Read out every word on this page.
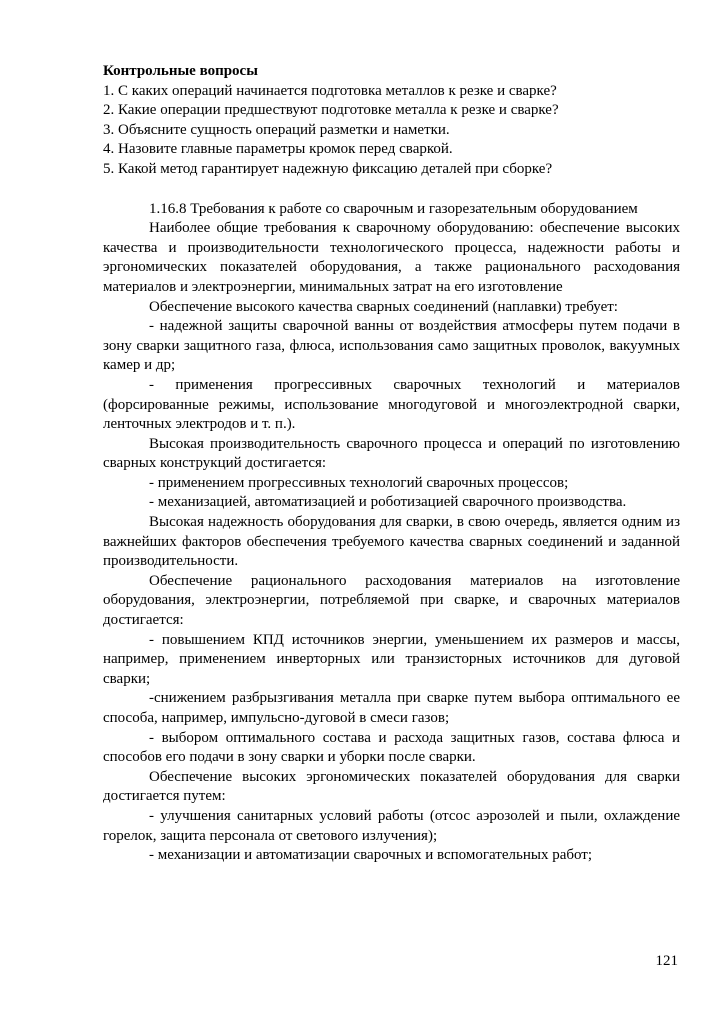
Контрольные вопросы

1. С каких операций начинается подготовка металлов к резке и сварке?

2. Какие операции предшествуют подготовке металла к резке и сварке?

3. Объясните сущность операций разметки и наметки.

4. Назовите главные параметры кромок перед сваркой.

5. Какой метод гарантирует надежную фиксацию деталей при сборке?

1.16.8 Требования к работе со сварочным и газорезательным оборудованием

Наиболее общие требования к сварочному оборудованию: обеспечение высоких качества и производительности технологического процесса, надежности работы и эргономических показателей оборудования, а также рационального расходования материалов и электроэнергии, минимальных затрат на его изготовление

Обеспечение высокого качества сварных соединений (наплавки) требует:

- надежной защиты сварочной ванны от воздействия атмосферы путем подачи в зону сварки защитного газа, флюса, использования само защитных проволок, вакуумных камер и др;

- применения прогрессивных сварочных технологий и материалов (форсированные режимы, использование многодуговой и многоэлектродной сварки, ленточных электродов и т. п.).

Высокая производительность сварочного процесса и операций по изготовлению сварных конструкций достигается:

- применением прогрессивных технологий сварочных процессов;

- механизацией, автоматизацией и роботизацией сварочного производства.

Высокая надежность оборудования для сварки, в свою очередь, является одним из важнейших факторов обеспечения требуемого качества сварных соединений и заданной производительности.

Обеспечение рационального расходования материалов на изготовление оборудования, электроэнергии, потребляемой при сварке, и сварочных материалов достигается:

- повышением КПД источников энергии, уменьшением их размеров и массы, например, применением инверторных или транзисторных источников для дуговой сварки;

-снижением разбрызгивания металла при сварке путем выбора оптимального ее способа, например, импульсно-дуговой в смеси газов;

- выбором оптимального состава и расхода защитных газов, состава флюса и способов его подачи в зону сварки и уборки после сварки.

Обеспечение высоких эргономических показателей оборудования для сварки достигается путем:

- улучшения санитарных условий работы (отсос аэрозолей и пыли, охлаждение горелок, защита персонала от светового излучения);

- механизации и автоматизации сварочных и вспомогательных работ;

121
